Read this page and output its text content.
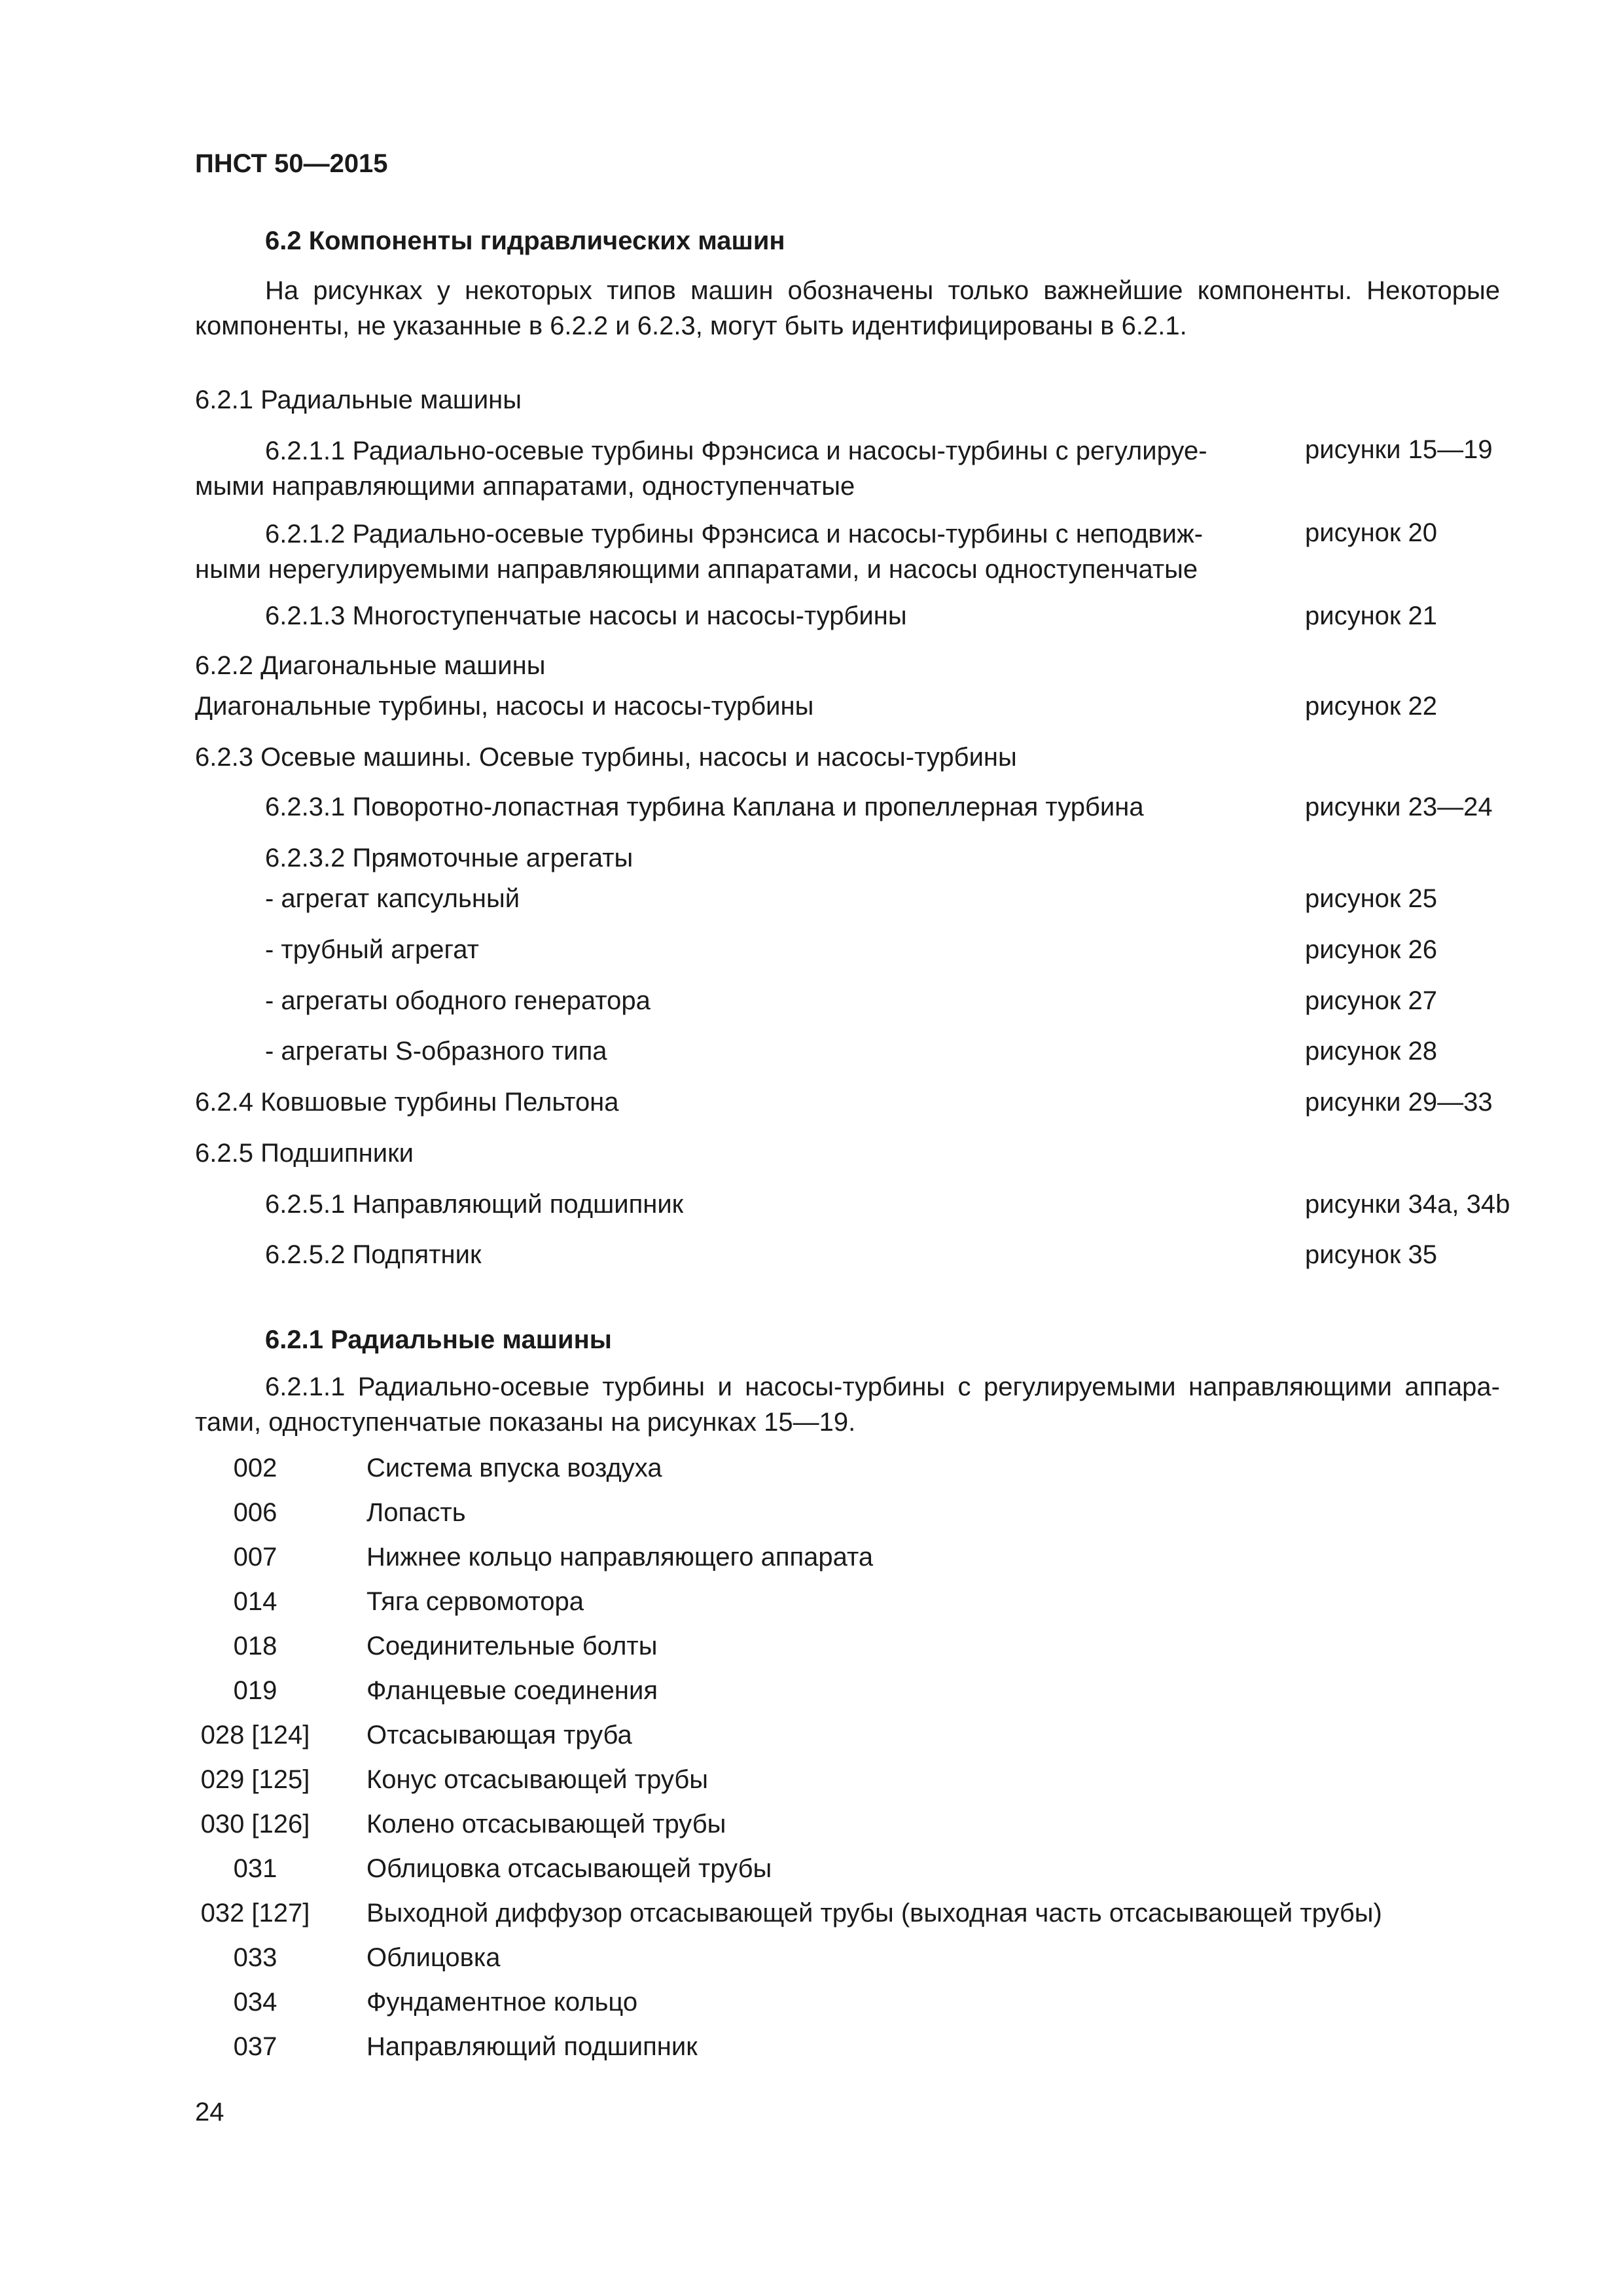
ПНСТ 50—2015
6.2 Компоненты гидравлических машин
На рисунках у некоторых типов машин обозначены только важнейшие компоненты. Некоторые
компоненты, не указанные в 6.2.2 и 6.2.3, могут быть идентифицированы в 6.2.1.
6.2.1 Радиальные машины
6.2.1.1 Радиально-осевые турбины Фрэнсиса и насосы-турбины с регулируе-
мыми направляющими аппаратами, одноступенчатые
рисунки 15—19
6.2.1.2 Радиально-осевые турбины Фрэнсиса и насосы-турбины с неподвиж-
ными нерегулируемыми направляющими аппаратами, и насосы одноступенчатые
рисунок 20
6.2.1.3 Многоступенчатые насосы и насосы-турбины	рисунок 21
6.2.2 Диагональные машины
Диагональные турбины, насосы и насосы-турбины	рисунок 22
6.2.3 Осевые машины. Осевые турбины, насосы и насосы-турбины
6.2.3.1 Поворотно-лопастная турбина Каплана и пропеллерная турбина	рисунки 23—24
6.2.3.2 Прямоточные агрегаты
- агрегат капсульный	рисунок 25
- трубный агрегат	рисунок 26
- агрегаты ободного генератора	рисунок 27
- агрегаты S-образного типа	рисунок 28
6.2.4 Ковшовые турбины Пельтона	рисунки 29—33
6.2.5 Подшипники
6.2.5.1 Направляющий подшипник	рисунки 34a, 34b
6.2.5.2 Подпятник	рисунок 35
6.2.1 Радиальные машины
6.2.1.1 Радиально-осевые турбины и насосы-турбины с регулируемыми направляющими аппара-
тами, одноступенчатые показаны на рисунках 15—19.
002	Система впуска воздуха
006	Лопасть
007	Нижнее кольцо направляющего аппарата
014	Тяга сервомотора
018	Соединительные болты
019	Фланцевые соединения
028 [124] Отсасывающая труба
029 [125] Конус отсасывающей трубы
030 [126] Колено отсасывающей трубы
031	Облицовка отсасывающей трубы
032 [127] Выходной диффузор отсасывающей трубы (выходная часть отсасывающей трубы)
033	Облицовка
034	Фундаментное кольцо
037	Направляющий подшипник
24
